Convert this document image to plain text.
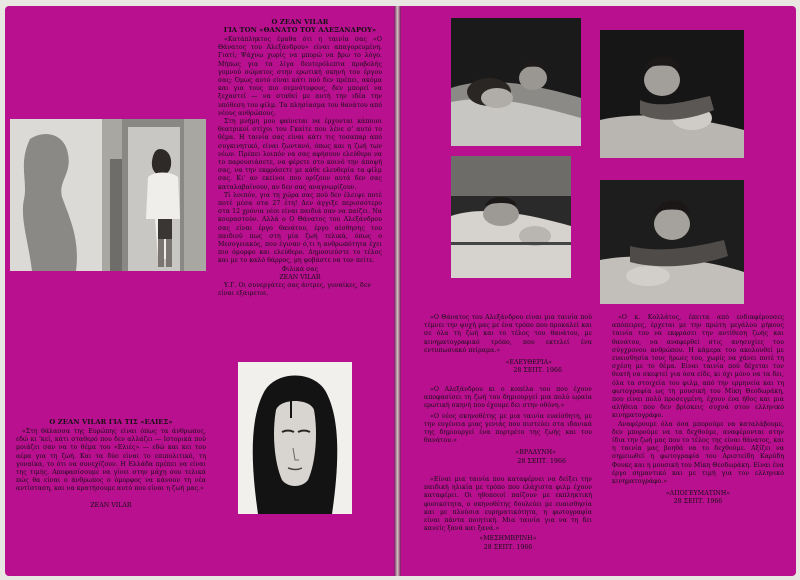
Ο ΖΕΑΝ VILAR
ΓΙΑ ΤΟΝ «ΘΑΝΑΤΟ ΤΟΥ ΑΛΕΞΑΝΔΡΟΥ»
«Κατάπληκτος έμαθα ότι η ταινία σας «Ο Θάνατος του Αλεξάνδρου» είναι απαγορευμένη. Γιατί; Ψάχνω χωρίς να μπορώ να βρω το λόγο. Μήπως για τα λίγα δευτερόλεπτα προβολής γυμνού σώματος στην ερωτική σκηνή του έργου σας; Όμως αυτό είναι κάτι πού δεν πρέπει, ακόμα και για τους πιο σεμνότυφους, δεν μπορεί να ξεχαστεί — να σταθεί με αυτή την ιδέα την υπόθεση του φίλμ. Τα πλησίασμα του θανάτου από νέους ανθρώπους.
Στη μνήμη μου φαίνεται να έρχονται κάποιοι θεατρικοί στίχοι του Γκαίτε που λένε σ' αυτό το θέμα. Η ταινία σας είναι κάτι τις τοσαπαρ από συγκινητικό, είναι ζωντανό, όπως και η ζωή των νέων. Πρέπει λοιπόν να σας αφήσουν ελεύθερο να το παρουσιάσετε, να φέρετε στο κοινό την άποψή σας, να την εκφράσετε με κάθε ελευθερία τα φίλμ σας. Κι' αν εκείνοι που ορίζουν αυτά δεν σας καταλαβαίνουν, αν δεν σας αναγνωρίζουν.
Τί λοιπόν, για τη χώρα σας πού δεν έλειψε ποτέ ποτέ μέσα στα 27 έτη! Δεν άγγιξε περισσότερο στα 12 χρόνια νέοι είναι παιδιά σαν να παίζει. Να κουραστούν. Αλλά ο Ο Θάνατος του Αλεξάνδρου σας είναι έργο θανάτου, έργο αίσθησης του παιδιού πως στη μία ζωή τελικά, όπως ο Μεσογειακός, που έγιναν ό,τι η ανθρωπότητα έχει πιο όμορφο και ελεύθερο. Δημοσιεύστε το τέλος και με το καλό θάρρος, μη φοβάστε να τον πείτε.
Φιλικά σας
ΖΕΑΝ VILAR
Υ.Γ. Οι συνεργάτες σας άντρες, γυναίκες, δεν είναι εξαιρετοι.
Ο ΖΕΑΝ VILAR ΓΙΑ ΤΙΣ «ΕΛΙΕΣ»
«Στη θάλασσα της Ευρώπης είναι όπως τα άνθρωπος, εδώ κι 'κεί, κάτι σταθερό που δεν αλλάζει — Ιστορικά πού μοιάζει σαν να το θέμα του «Ελιές» — εδώ και κει του αέρα για τη ζωή. Και τα δύο είναι το επιπολιτικό, τη γυναίκα, το ότι να συνεχίζουν. Η Ελλάδα πρέπει να είναι της τιμής. Αποφασίσουμε να γίνει στην μάχη σου τελικά πώς θα είναι ο άνθρωπος ο όμορφος να κάνουν τη νέα αντίσταση, και να κρατήσουμε αυτό που είναι η ζωή μας.»
ΖΕΑΝ VILAR
«Ο Θάνατος του Αλεξάνδρου είναι μια ταινία πού τέμνει την ψυχή μας με ένα τρόπο που προκαλεί και σε όλα τη ζωή και το τέλος του θανάτου, με κινηματογραφικό τρόπο, που εκτελεί ένα εντυπωσιακό πείραμα.»
«ΕΛΕΥΘΕΡΙΑ»
28 ΣΕΠΤ. 1966
«Ο Αλεξάνδρου κι ο κοπέλα του που έχουν αποφασίσει τη ζωή του δημιουργεί μια πολύ ωραία ερωτική σκηνή που έχουμε δει στην οθόνη.»
«Ο νέος σκηνοθέτης με μια ταινία ευαίσθητη, με την ευγένεια μιας γενιάς που πιστεύει στα ιδανικά της δημιουργεί ένα πορτρέτο της ζωής και του θανάτου.»
«ΒΡΑΔΥΝΗ»
28 ΣΕΠΤ. 1966
«Είναι μια ταινία που καταφέρνει να δείξει την παιδική ηλικία με τρόπο που ελάχιστα φιλμ έχουν καταφέρει. Οι ηθοποιοί παίζουν με εκπληκτική φυσικότητα, ο σκηνοθέτης δουλεύει με ευαισθησία και με πλούσια ευρηματικότητα, η φωτογραφία είναι πάντα ποιητική. Μια ταινία για να τη δει κανείς ξανά και ξανά.»
«ΜΕΣΗΜΒΡΙΝΗ»
28 ΣΕΠΤ. 1966
«Ο κ. Κολλάτος, έπειτα από ενδιαφέρουσες απόπειρες, έρχεται με την πρώτη μεγάλου μήκους ταινία του να εκφράσει την αντίθεση ζωής και θανάτου, να αναφερθεί στις ανησυχίες του σύγχρονου ανθρώπου. Η κάμερα του ακολουθεί με ευαισθησία τους ήρωες του, χωρίς να χάνει ποτέ τη σχέση με το θέμα. Είναι ταινία πού δέχεται τον θεατή να σκεφτεί για όσα είδε, κι όχι μόνο να τα δει, όλα τα στοιχεία του φιλμ, από την ερμηνεία και τη φωτογραφία ως τη μουσική του Μίκη Θεοδωράκη, που είναι πολύ προσεγμένη, έχουν ένα ήθος και μια αλήθεια που δεν βρίσκεις συχνά στον ελληνικό κινηματογράφο.
Αναφέρουμε όλα όσα μπορούμε να καταλάβουμε, δεν μπορούμε να τα δεχθούμε, αναφέρονται στην ίδια την ζωή μας που το τέλος της είναι θάνατος, και η ταινία μας βοηθά να το δεχθούμε. Αξίζει να σημειωθεί η φωτογραφία του Αριστείδη Καρύδη Φουκς και η μουσική του Μίκη Θεοδωράκη. Είναι ένα έργο σημαντικό και με τιμή για τον ελληνικό κινηματογράφο.»
«ΑΠΟΓΕΥΜΑΤΙΝΗ»
28 ΣΕΠΤ. 1966
